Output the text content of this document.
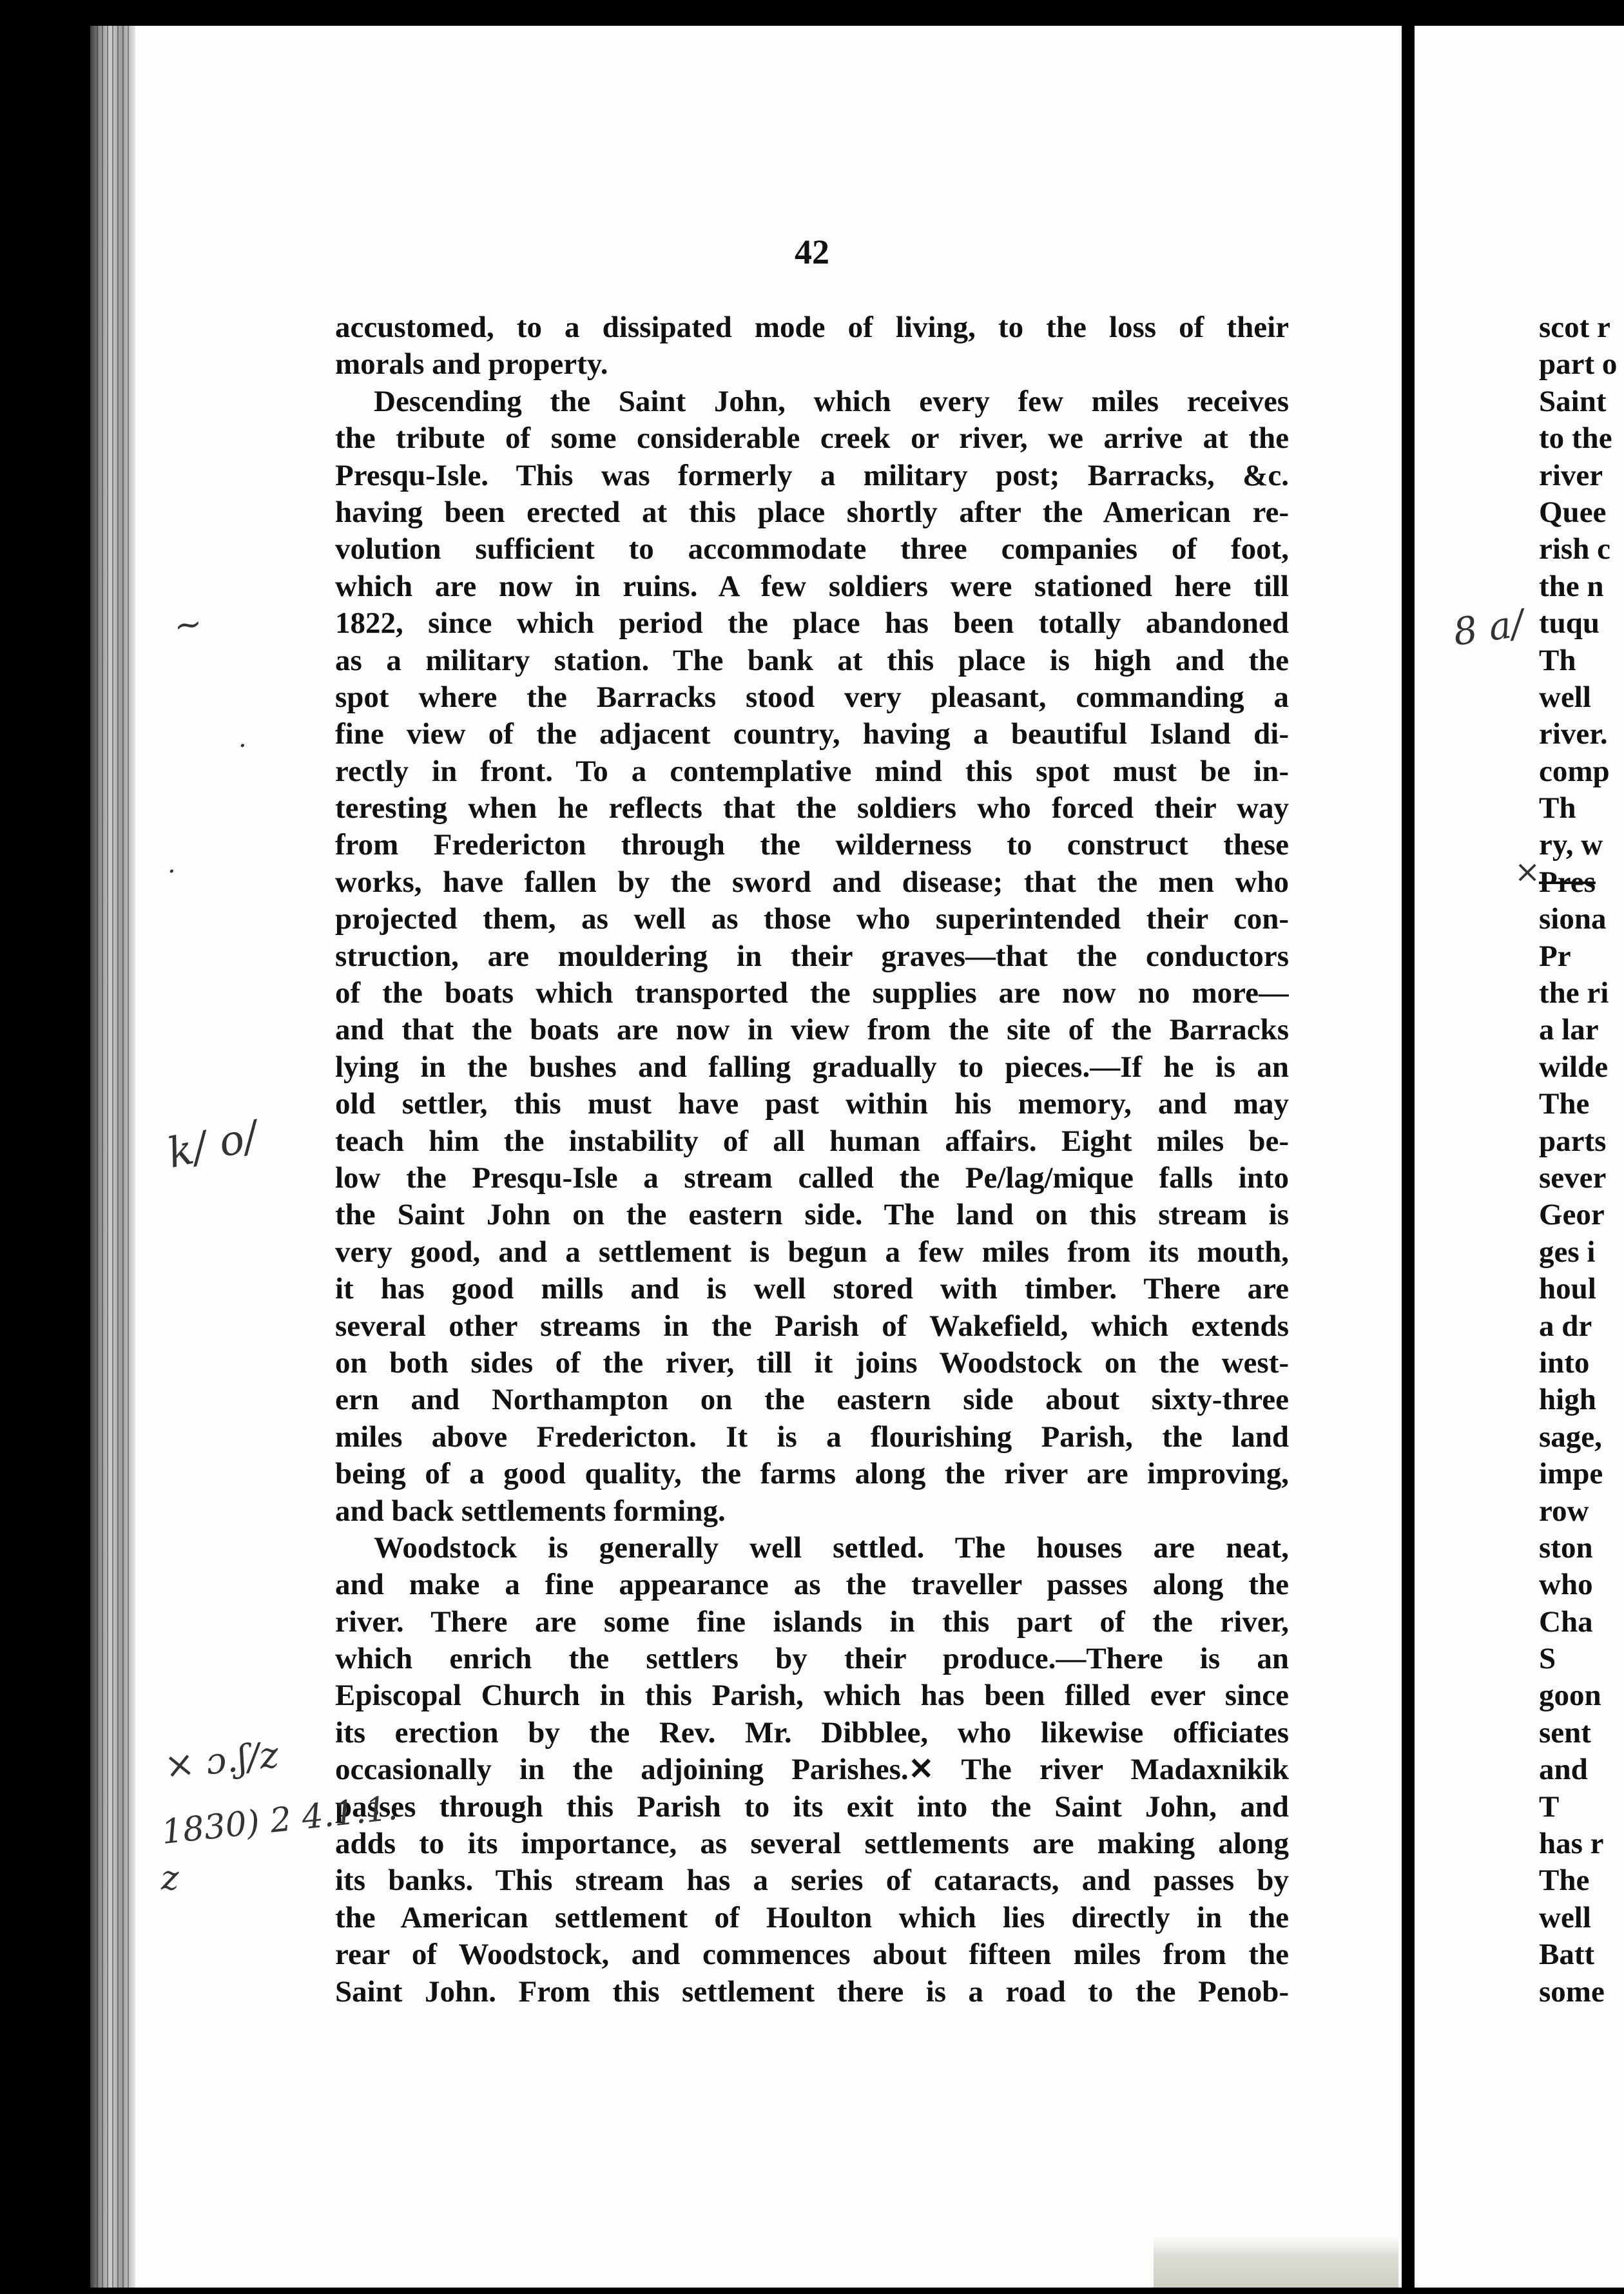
42
accustomed, to a dissipated mode of living, to the loss of their
morals and property.
Descending the Saint John, which every few miles receives
the tribute of some considerable creek or river, we arrive at the
Presqu-Isle. This was formerly a military post; Barracks, &c.
having been erected at this place shortly after the American re-
volution sufficient to accommodate three companies of foot,
which are now in ruins. A few soldiers were stationed here till
1822, since which period the place has been totally abandoned
as a military station. The bank at this place is high and the
spot where the Barracks stood very pleasant, commanding a
fine view of the adjacent country, having a beautiful Island di-
rectly in front. To a contemplative mind this spot must be in-
teresting when he reflects that the soldiers who forced their way
from Fredericton through the wilderness to construct these
works, have fallen by the sword and disease; that the men who
projected them, as well as those who superintended their con-
struction, are mouldering in their graves—that the conductors
of the boats which transported the supplies are now no more—
and that the boats are now in view from the site of the Barracks
lying in the bushes and falling gradually to pieces.—If he is an
old settler, this must have past within his memory, and may
teach him the instability of all human affairs. Eight miles be-
low the Presqu-Isle a stream called the Pe/lag/mique falls into
the Saint John on the eastern side. The land on this stream is
very good, and a settlement is begun a few miles from its mouth,
it has good mills and is well stored with timber. There are
several other streams in the Parish of Wakefield, which extends
on both sides of the river, till it joins Woodstock on the west-
ern and Northampton on the eastern side about sixty-three
miles above Fredericton. It is a flourishing Parish, the land
being of a good quality, the farms along the river are improving,
and back settlements forming.
Woodstock is generally well settled. The houses are neat,
and make a fine appearance as the traveller passes along the
river. There are some fine islands in this part of the river,
which enrich the settlers by their produce.—There is an
Episcopal Church in this Parish, which has been filled ever since
its erection by the Rev. Mr. Dibblee, who likewise officiates
occasionally in the adjoining Parishes.✕ The river Madaxnikik
passes through this Parish to its exit into the Saint John, and
adds to its importance, as several settlements are making along
its banks. This stream has a series of cataracts, and passes by
the American settlement of Houlton which lies directly in the
rear of Woodstock, and commences about fifteen miles from the
Saint John. From this settlement there is a road to the Penob-
scot r
part o
Saint
to the
river
Quee
rish c
the n
tuqu
Th
well
river.
comp
Th
ry, w
Pres
siona
Pr
the ri
a lar
wilde
The
parts
sever
Geor
ges i
houl
a dr
into
high
sage,
impe
row
ston
who
Cha
S
goon
sent
and
T
has r
The
well
Batt
some
~
·
·
k/ o/
× ɔ.ʃ/z
1830) 2 4.1.1.
z
8 a/
×
